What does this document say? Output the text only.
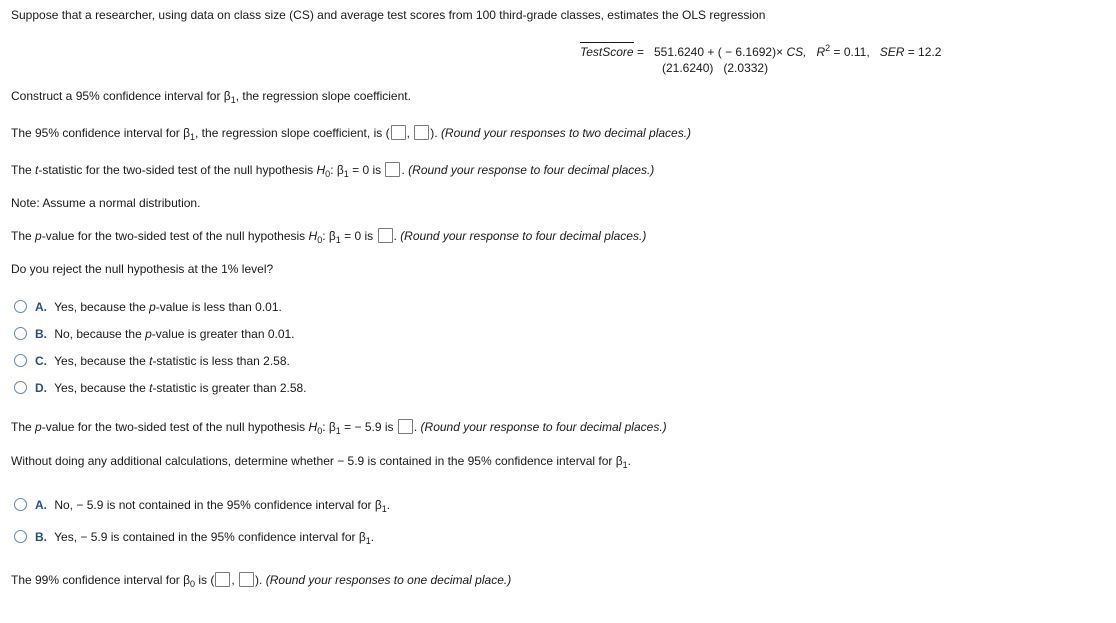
Suppose that a researcher, using data on class size (CS) and average test scores from 100 third-grade classes, estimates the OLS regression
TestScore = 551.6240 + ( − 6.1692)× CS, $R^2 = 0.11$, SER = 12.2
(21.6240) (2.0332)
Construct a 95% confidence interval for $\beta_1$, the regression slope coefficient.
The 95% confidence interval for $\beta_1$, the regression slope coefficient, is ( , ). (Round your responses to two decimal places.)
The t-statistic for the two-sided test of the null hypothesis $H_0$: $\beta_1 = 0$ is . (Round your response to four decimal places.)
Note: Assume a normal distribution.
The p-value for the two-sided test of the null hypothesis $H_0$: $\beta_1 = 0$ is . (Round your response to four decimal places.)
Do you reject the null hypothesis at the 1% level?
A. Yes, because the p-value is less than 0.01.
B. No, because the p-value is greater than 0.01.
C. Yes, because the t-statistic is less than 2.58.
D. Yes, because the t-statistic is greater than 2.58.
The p-value for the two-sided test of the null hypothesis $H_0$: $\beta_1$ = − 5.9 is . (Round your response to four decimal places.)
Without doing any additional calculations, determine whether − 5.9 is contained in the 95% confidence interval for $\beta_1$.
A. No, − 5.9 is not contained in the 95% confidence interval for $\beta_1$.
B. Yes, − 5.9 is contained in the 95% confidence interval for $\beta_1$.
The 99% confidence interval for $\beta_0$ is ( , ). (Round your responses to one decimal place.)
